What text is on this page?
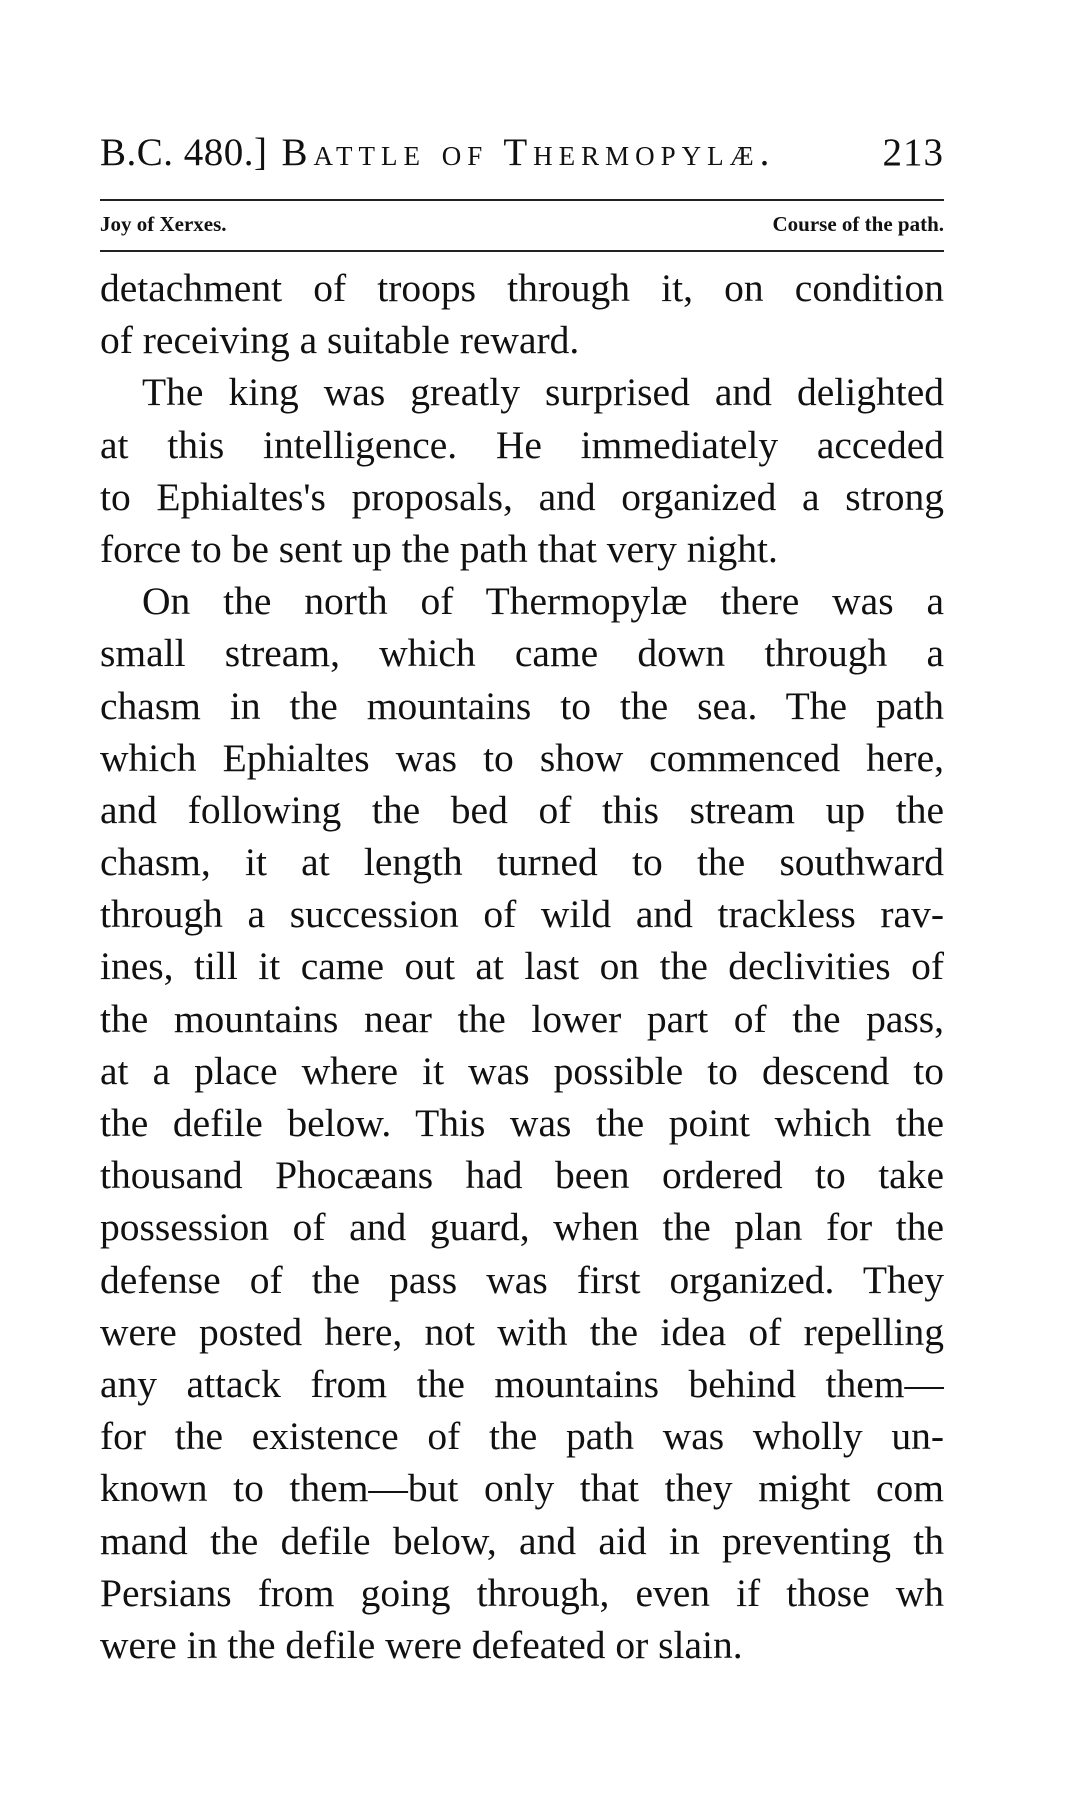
B.C. 480.] Battle of Thermopylæ.	213
Joy of Xerxes.	Course of the path.
detachment of troops through it, on condition
of receiving a suitable reward.
The king was greatly surprised and delighted
at this intelligence. He immediately acceded
to Ephialtes's proposals, and organized a strong
force to be sent up the path that very night.
On the north of Thermopylæ there was a
small stream, which came down through a
chasm in the mountains to the sea. The path
which Ephialtes was to show commenced here,
and following the bed of this stream up the
chasm, it at length turned to the southward
through a succession of wild and trackless rav-
ines, till it came out at last on the declivities of
the mountains near the lower part of the pass,
at a place where it was possible to descend to
the defile below. This was the point which the
thousand Phocæans had been ordered to take
possession of and guard, when the plan for the
defense of the pass was first organized. They
were posted here, not with the idea of repelling
any attack from the mountains behind them—
for the existence of the path was wholly un-
known to them—but only that they might com
mand the defile below, and aid in preventing th
Persians from going through, even if those wh
were in the defile were defeated or slain.
